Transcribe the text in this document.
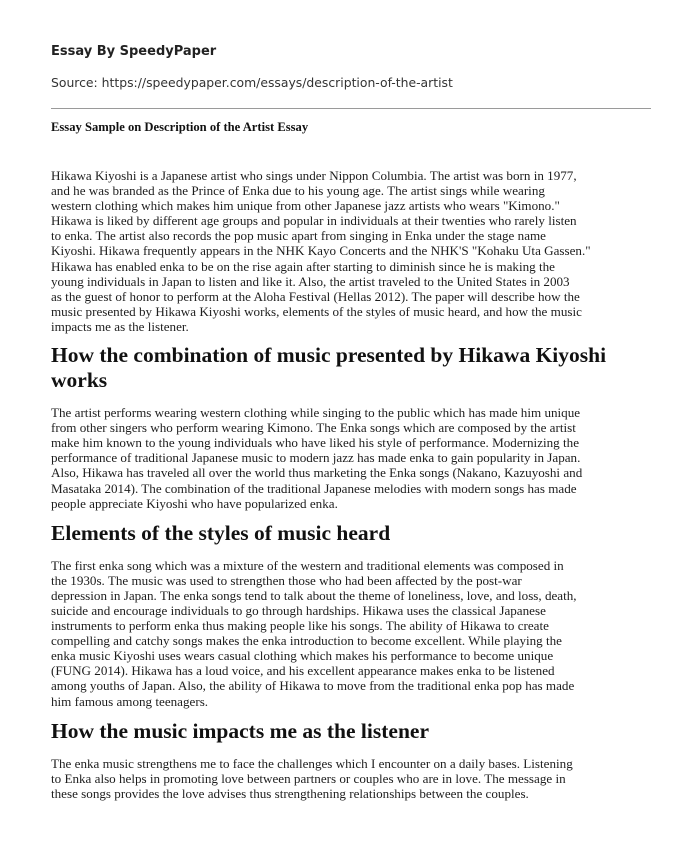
Essay By SpeedyPaper
Source: https://speedypaper.com/essays/description-of-the-artist
Essay Sample on Description of the Artist Essay

Hikawa Kiyoshi is a Japanese artist who sings under Nippon Columbia. The artist was born in 1977,
and he was branded as the Prince of Enka due to his young age. The artist sings while wearing
western clothing which makes him unique from other Japanese jazz artists who wears "Kimono."
Hikawa is liked by different age groups and popular in individuals at their twenties who rarely listen
to enka. The artist also records the pop music apart from singing in Enka under the stage name
Kiyoshi. Hikawa frequently appears in the NHK Kayo Concerts and the NHK'S "Kohaku Uta Gassen."
Hikawa has enabled enka to be on the rise again after starting to diminish since he is making the
young individuals in Japan to listen and like it. Also, the artist traveled to the United States in 2003
as the guest of honor to perform at the Aloha Festival (Hellas 2012). The paper will describe how the
music presented by Hikawa Kiyoshi works, elements of the styles of music heard, and how the music
impacts me as the listener.

How the combination of music presented by Hikawa Kiyoshi
works

The artist performs wearing western clothing while singing to the public which has made him unique
from other singers who perform wearing Kimono. The Enka songs which are composed by the artist
make him known to the young individuals who have liked his style of performance. Modernizing the
performance of traditional Japanese music to modern jazz has made enka to gain popularity in Japan.
Also, Hikawa has traveled all over the world thus marketing the Enka songs (Nakano, Kazuyoshi and
Masataka 2014). The combination of the traditional Japanese melodies with modern songs has made
people appreciate Kiyoshi who have popularized enka.

Elements of the styles of music heard

The first enka song which was a mixture of the western and traditional elements was composed in
the 1930s. The music was used to strengthen those who had been affected by the post-war
depression in Japan. The enka songs tend to talk about the theme of loneliness, love, and loss, death,
suicide and encourage individuals to go through hardships. Hikawa uses the classical Japanese
instruments to perform enka thus making people like his songs. The ability of Hikawa to create
compelling and catchy songs makes the enka introduction to become excellent. While playing the
enka music Kiyoshi uses wears casual clothing which makes his performance to become unique
(FUNG 2014). Hikawa has a loud voice, and his excellent appearance makes enka to be listened
among youths of Japan. Also, the ability of Hikawa to move from the traditional enka pop has made
him famous among teenagers.

How the music impacts me as the listener

The enka music strengthens me to face the challenges which I encounter on a daily bases. Listening
to Enka also helps in promoting love between partners or couples who are in love. The message in
these songs provides the love advises thus strengthening relationships between the couples.
